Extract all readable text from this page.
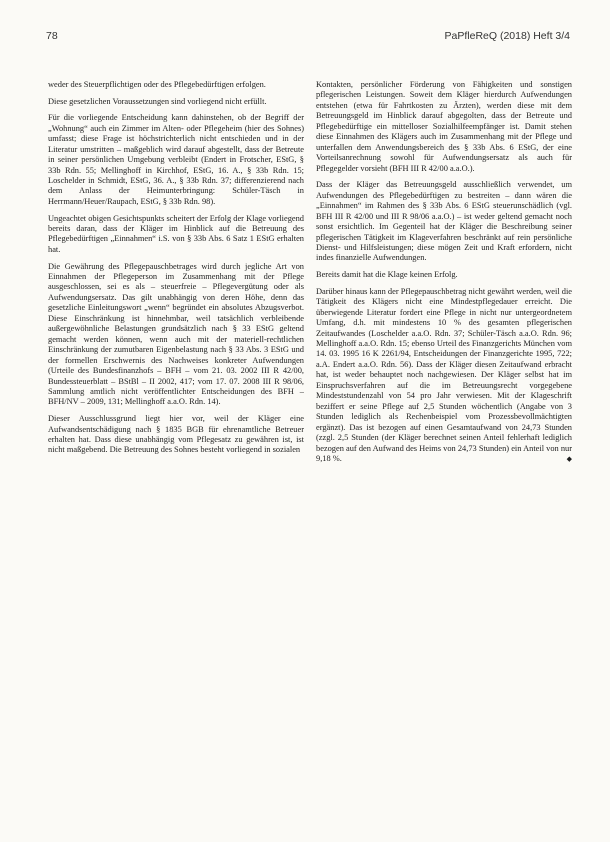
78	PaPfleReQ (2018) Heft 3/4

weder des Steuerpflichtigen oder des Pflegebedürftigen erfolgen.

Diese gesetzlichen Voraussetzungen sind vorliegend nicht erfüllt.

Für die vorliegende Entscheidung kann dahinstehen, ob der Begriff der „Wohnung“ auch ein Zimmer im Alten- oder Pflegeheim (hier des Sohnes) umfasst; diese Frage ist höchstrichterlich nicht entschieden und in der Literatur umstritten – maßgeblich wird darauf abgestellt, dass der Betreute in seiner persönlichen Umgebung verbleibt (Endert in Frotscher, EStG, § 33b Rdn. 55; Mellinghoff in Kirchhof, EStG, 16. A., § 33b Rdn. 15; Loschelder in Schmidt, EStG, 36. A., § 33b Rdn. 37; differenzierend nach dem Anlass der Heimunterbringung: Schüler-Täsch in Herrmann/Heuer/Raupach, EStG, § 33b Rdn. 98).

Ungeachtet obigen Gesichtspunkts scheitert der Erfolg der Klage vorliegend bereits daran, dass der Kläger im Hinblick auf die Betreuung des Pflegebedürftigen „Einnahmen“ i.S. von § 33b Abs. 6 Satz 1 EStG erhalten hat.

Die Gewährung des Pflegepauschbetrages wird durch jegliche Art von Einnahmen der Pflegeperson im Zusammenhang mit der Pflege ausgeschlossen, sei es als – steuerfreie – Pflegevergütung oder als Aufwendungsersatz. Das gilt unabhängig von deren Höhe, denn das gesetzliche Einleitungswort „wenn“ begründet ein absolutes Abzugsverbot. Diese Einschränkung ist hinnehmbar, weil tatsächlich verbleibende außergewöhnliche Belastungen grundsätzlich nach § 33 EStG geltend gemacht werden können, wenn auch mit der materiell-rechtlichen Einschränkung der zumutbaren Eigenbelastung nach § 33 Abs. 3 EStG und der formellen Erschwernis des Nachweises konkreter Aufwendungen (Urteile des Bundesfinanzhofs – BFH – vom 21. 03. 2002 III R 42/00, Bundessteuerblatt – BStBl – II 2002, 417; vom 17. 07. 2008 III R 98/06, Sammlung amtlich nicht veröffentlichter Entscheidungen des BFH – BFH/NV – 2009, 131; Mellinghoff a.a.O. Rdn. 14).

Dieser Ausschlussgrund liegt hier vor, weil der Kläger eine Aufwandsentschädigung nach § 1835 BGB für ehrenamtliche Betreuer erhalten hat. Dass diese unabhängig vom Pflegesatz zu gewähren ist, ist nicht maßgebend. Die Betreuung des Sohnes besteht vorliegend in sozialen

Kontakten, persönlicher Förderung von Fähigkeiten und sonstigen pflegerischen Leistungen. Soweit dem Kläger hierdurch Aufwendungen entstehen (etwa für Fahrtkosten zu Ärzten), werden diese mit dem Betreuungsgeld im Hinblick darauf abgegolten, dass der Betreute und Pflegebedürftige ein mittelloser Sozialhilfeempfänger ist. Damit stehen diese Einnahmen des Klägers auch im Zusammenhang mit der Pflege und unterfallen dem Anwendungsbereich des § 33b Abs. 6 EStG, der eine Vorteilsanrechnung sowohl für Aufwendungsersatz als auch für Pflegegelder vorsieht (BFH III R 42/00 a.a.O.).

Dass der Kläger das Betreuungsgeld ausschließlich verwendet, um Aufwendungen des Pflegebedürftigen zu bestreiten – dann wären die „Einnahmen“ im Rahmen des § 33b Abs. 6 EStG steuerunschädlich (vgl. BFH III R 42/00 und III R 98/06 a.a.O.) – ist weder geltend gemacht noch sonst ersichtlich. Im Gegenteil hat der Kläger die Beschreibung seiner pflegerischen Tätigkeit im Klageverfahren beschränkt auf rein persönliche Dienst- und Hilfsleistungen; diese mögen Zeit und Kraft erfordern, nicht indes finanzielle Aufwendungen.

Bereits damit hat die Klage keinen Erfolg.

Darüber hinaus kann der Pflegepauschbetrag nicht gewährt werden, weil die Tätigkeit des Klägers nicht eine Mindestpflegedauer erreicht. Die überwiegende Literatur fordert eine Pflege in nicht nur untergeordnetem Umfang, d.h. mit mindestens 10 % des gesamten pflegerischen Zeitaufwandes (Loschelder a.a.O. Rdn. 37; Schüler-Täsch a.a.O. Rdn. 96; Mellinghoff a.a.O. Rdn. 15; ebenso Urteil des Finanzgerichts München vom 14. 03. 1995 16 K 2261/94, Entscheidungen der Finanzgerichte 1995, 722; a.A. Endert a.a.O. Rdn. 56). Dass der Kläger diesen Zeitaufwand erbracht hat, ist weder behauptet noch nachgewiesen. Der Kläger selbst hat im Einspruchsverfahren auf die im Betreuungsrecht vorgegebene Mindeststundenzahl von 54 pro Jahr verwiesen. Mit der Klageschrift beziffert er seine Pflege auf 2,5 Stunden wöchentlich (Angabe von 3 Stunden lediglich als Rechenbeispiel vom Prozessbevollmächtigten ergänzt). Das ist bezogen auf einen Gesamtaufwand von 24,73 Stunden (zzgl. 2,5 Stunden (der Kläger berechnet seinen Anteil fehlerhaft lediglich bezogen auf den Aufwand des Heims von 24,73 Stunden) ein Anteil von nur 9,18 %.	◆
